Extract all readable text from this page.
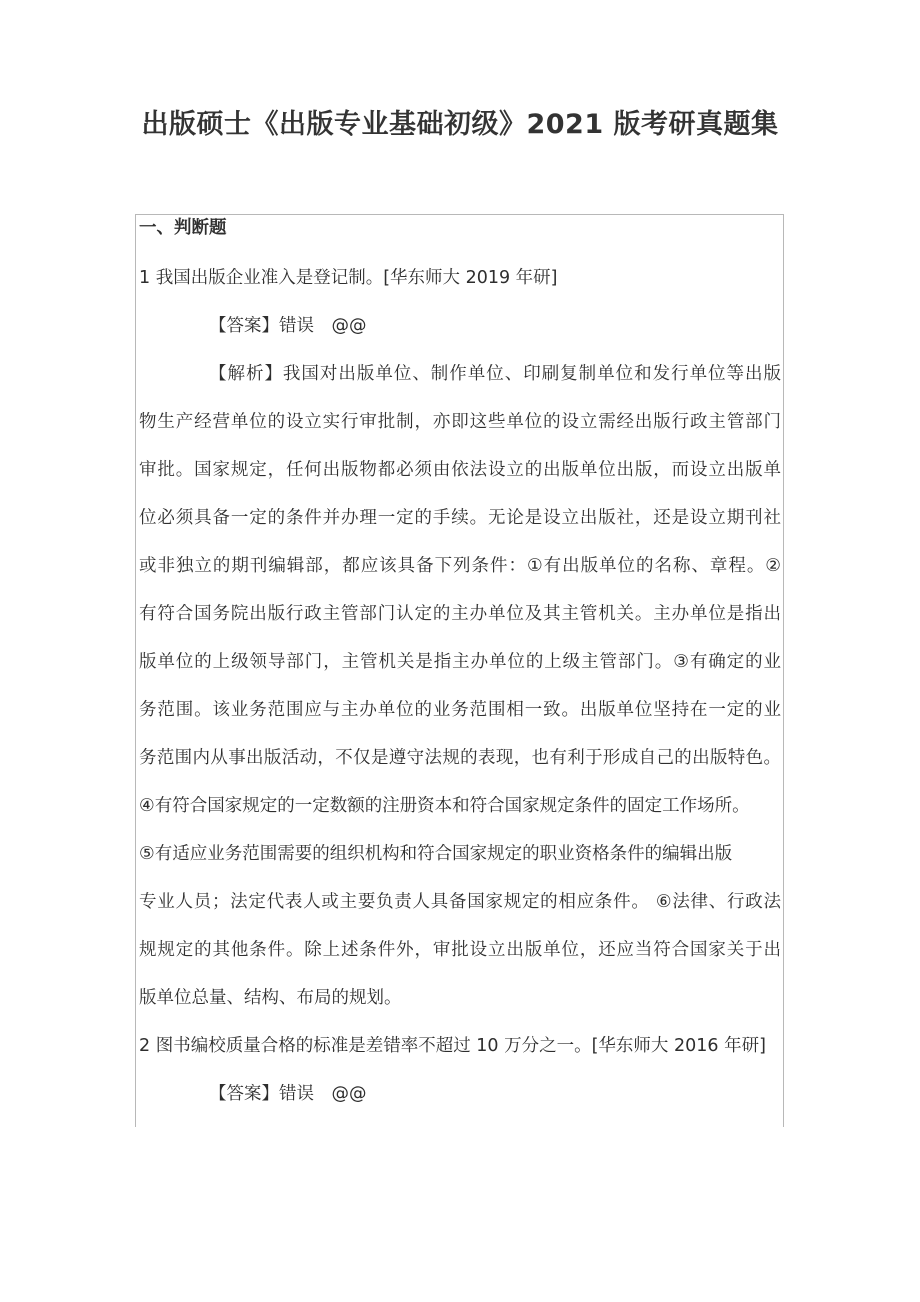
出版硕士《出版专业基础初级》2021 版考研真题集
一、判断题
1 我国出版企业准入是登记制。[华东师大 2019 年研]
【答案】错误　@@
【解析】我国对出版单位、制作单位、印刷复制单位和发行单位等出版
物生产经营单位的设立实行审批制，亦即这些单位的设立需经出版行政主管部门
审批。国家规定，任何出版物都必须由依法设立的出版单位出版，而设立出版单
位必须具备一定的条件并办理一定的手续。无论是设立出版社，还是设立期刊社
或非独立的期刊编辑部，都应该具备下列条件：①有出版单位的名称、章程。②
有符合国务院出版行政主管部门认定的主办单位及其主管机关。主办单位是指出
版单位的上级领导部门，主管机关是指主办单位的上级主管部门。③有确定的业
务范围。该业务范围应与主办单位的业务范围相一致。出版单位坚持在一定的业
务范围内从事出版活动，不仅是遵守法规的表现，也有利于形成自己的出版特色。
④有符合国家规定的一定数额的注册资本和符合国家规定条件的固定工作场所。
⑤有适应业务范围需要的组织机构和符合国家规定的职业资格条件的编辑出版
专业人员；法定代表人或主要负责人具备国家规定的相应条件。 ⑥法律、行政法
规规定的其他条件。除上述条件外，审批设立出版单位，还应当符合国家关于出
版单位总量、结构、布局的规划。
2 图书编校质量合格的标准是差错率不超过 10 万分之一。[华东师大 2016 年研]
【答案】错误　@@
